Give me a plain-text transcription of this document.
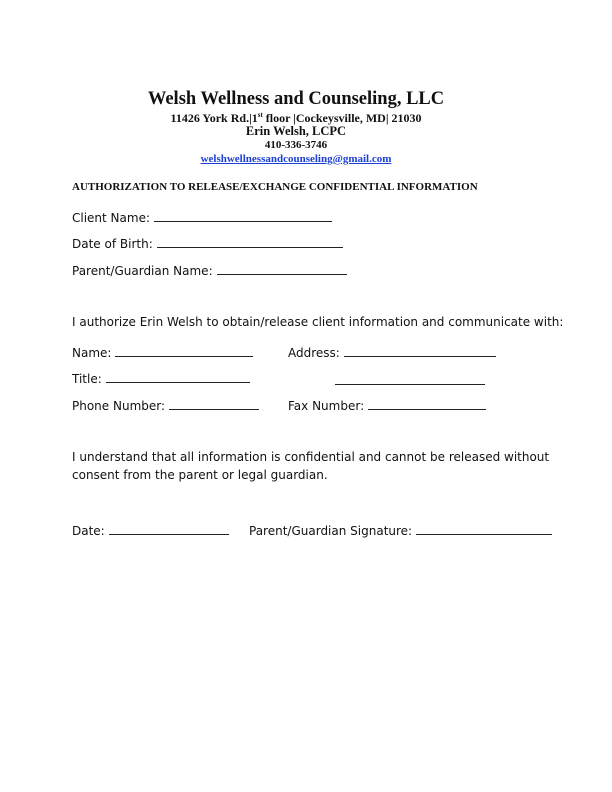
Welsh Wellness and Counseling, LLC
11426 York Rd.|1st floor |Cockeysville, MD| 21030
Erin Welsh, LCPC
410-336-3746
welshwellnessandcounseling@gmail.com
AUTHORIZATION TO RELEASE/EXCHANGE CONFIDENTIAL INFORMATION
Client Name:
Date of Birth:
Parent/Guardian Name:
I authorize Erin Welsh to obtain/release client information and communicate with:
Name:	Address:
Title:
Phone Number:	Fax Number:
I understand that all information is confidential and cannot be released without consent from the parent or legal guardian.
Date:	Parent/Guardian Signature:
